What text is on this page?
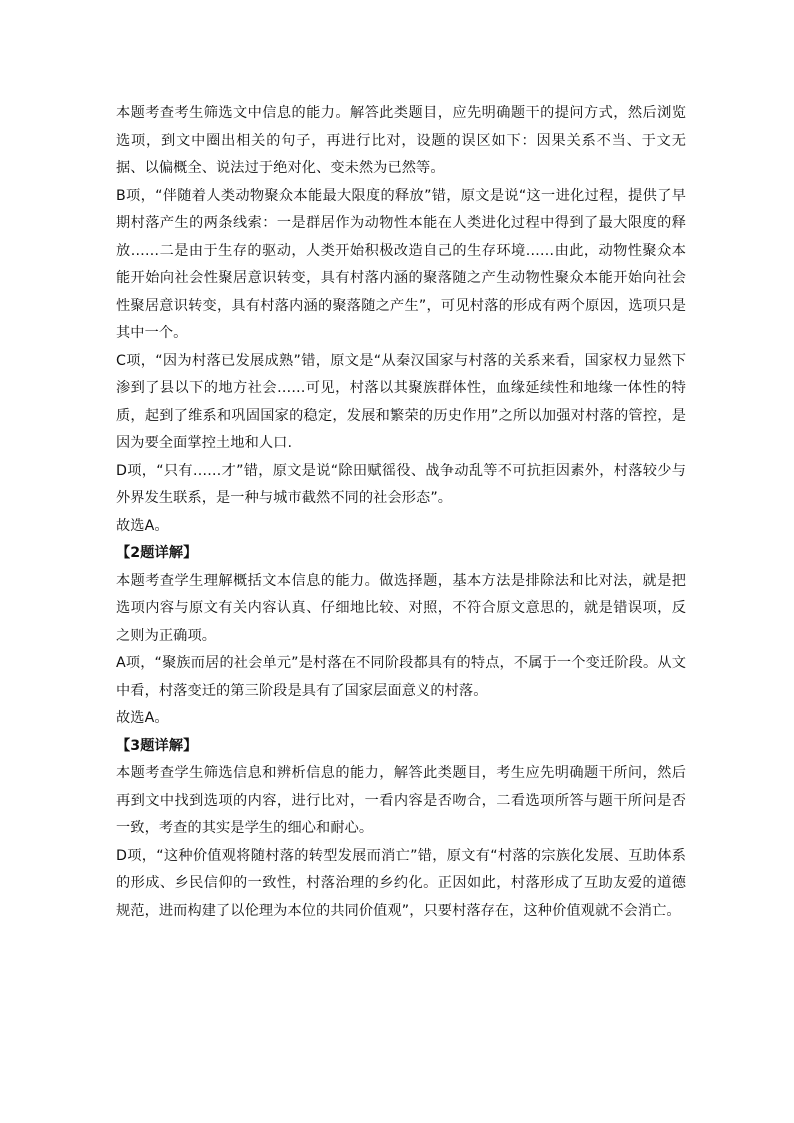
本题考查考生筛选文中信息的能力。解答此类题目，应先明确题干的提问方式，然后浏览选项，到文中圈出相关的句子，再进行比对，设题的误区如下：因果关系不当、于文无据、以偏概全、说法过于绝对化、变未然为已然等。

B项，“伴随着人类动物聚众本能最大限度的释放”错，原文是说“这一进化过程，提供了早期村落产生的两条线索：一是群居作为动物性本能在人类进化过程中得到了最大限度的释放……二是由于生存的驱动，人类开始积极改造自己的生存环境……由此，动物性聚众本能开始向社会性聚居意识转变，具有村落内涵的聚落随之产生动物性聚众本能开始向社会性聚居意识转变，具有村落内涵的聚落随之产生”，可见村落的形成有两个原因，选项只是其中一个。

C项，“因为村落已发展成熟”错，原文是“从秦汉国家与村落的关系来看，国家权力显然下渗到了县以下的地方社会……可见，村落以其聚族群体性，血缘延续性和地缘一体性的特质，起到了维系和巩固国家的稳定，发展和繁荣的历史作用”之所以加强对村落的管控，是因为要全面掌控土地和人口.

D项，“只有……才”错，原文是说“除田赋徭役、战争动乱等不可抗拒因素外，村落较少与外界发生联系，是一种与城市截然不同的社会形态”。

故选A。

【2题详解】

本题考查学生理解概括文本信息的能力。做选择题，基本方法是排除法和比对法，就是把选项内容与原文有关内容认真、仔细地比较、对照，不符合原文意思的，就是错误项，反之则为正确项。

A项，“聚族而居的社会单元”是村落在不同阶段都具有的特点，不属于一个变迁阶段。从文中看，村落变迁的第三阶段是具有了国家层面意义的村落。

故选A。

【3题详解】

本题考查学生筛选信息和辨析信息的能力，解答此类题目，考生应先明确题干所问，然后再到文中找到选项的内容，进行比对，一看内容是否吻合，二看选项所答与题干所问是否一致，考查的其实是学生的细心和耐心。

D项，“这种价值观将随村落的转型发展而消亡”错，原文有“村落的宗族化发展、互助体系的形成、乡民信仰的一致性，村落治理的乡约化。正因如此，村落形成了互助友爱的道德规范，进而构建了以伦理为本位的共同价值观”，只要村落存在，这种价值观就不会消亡。
